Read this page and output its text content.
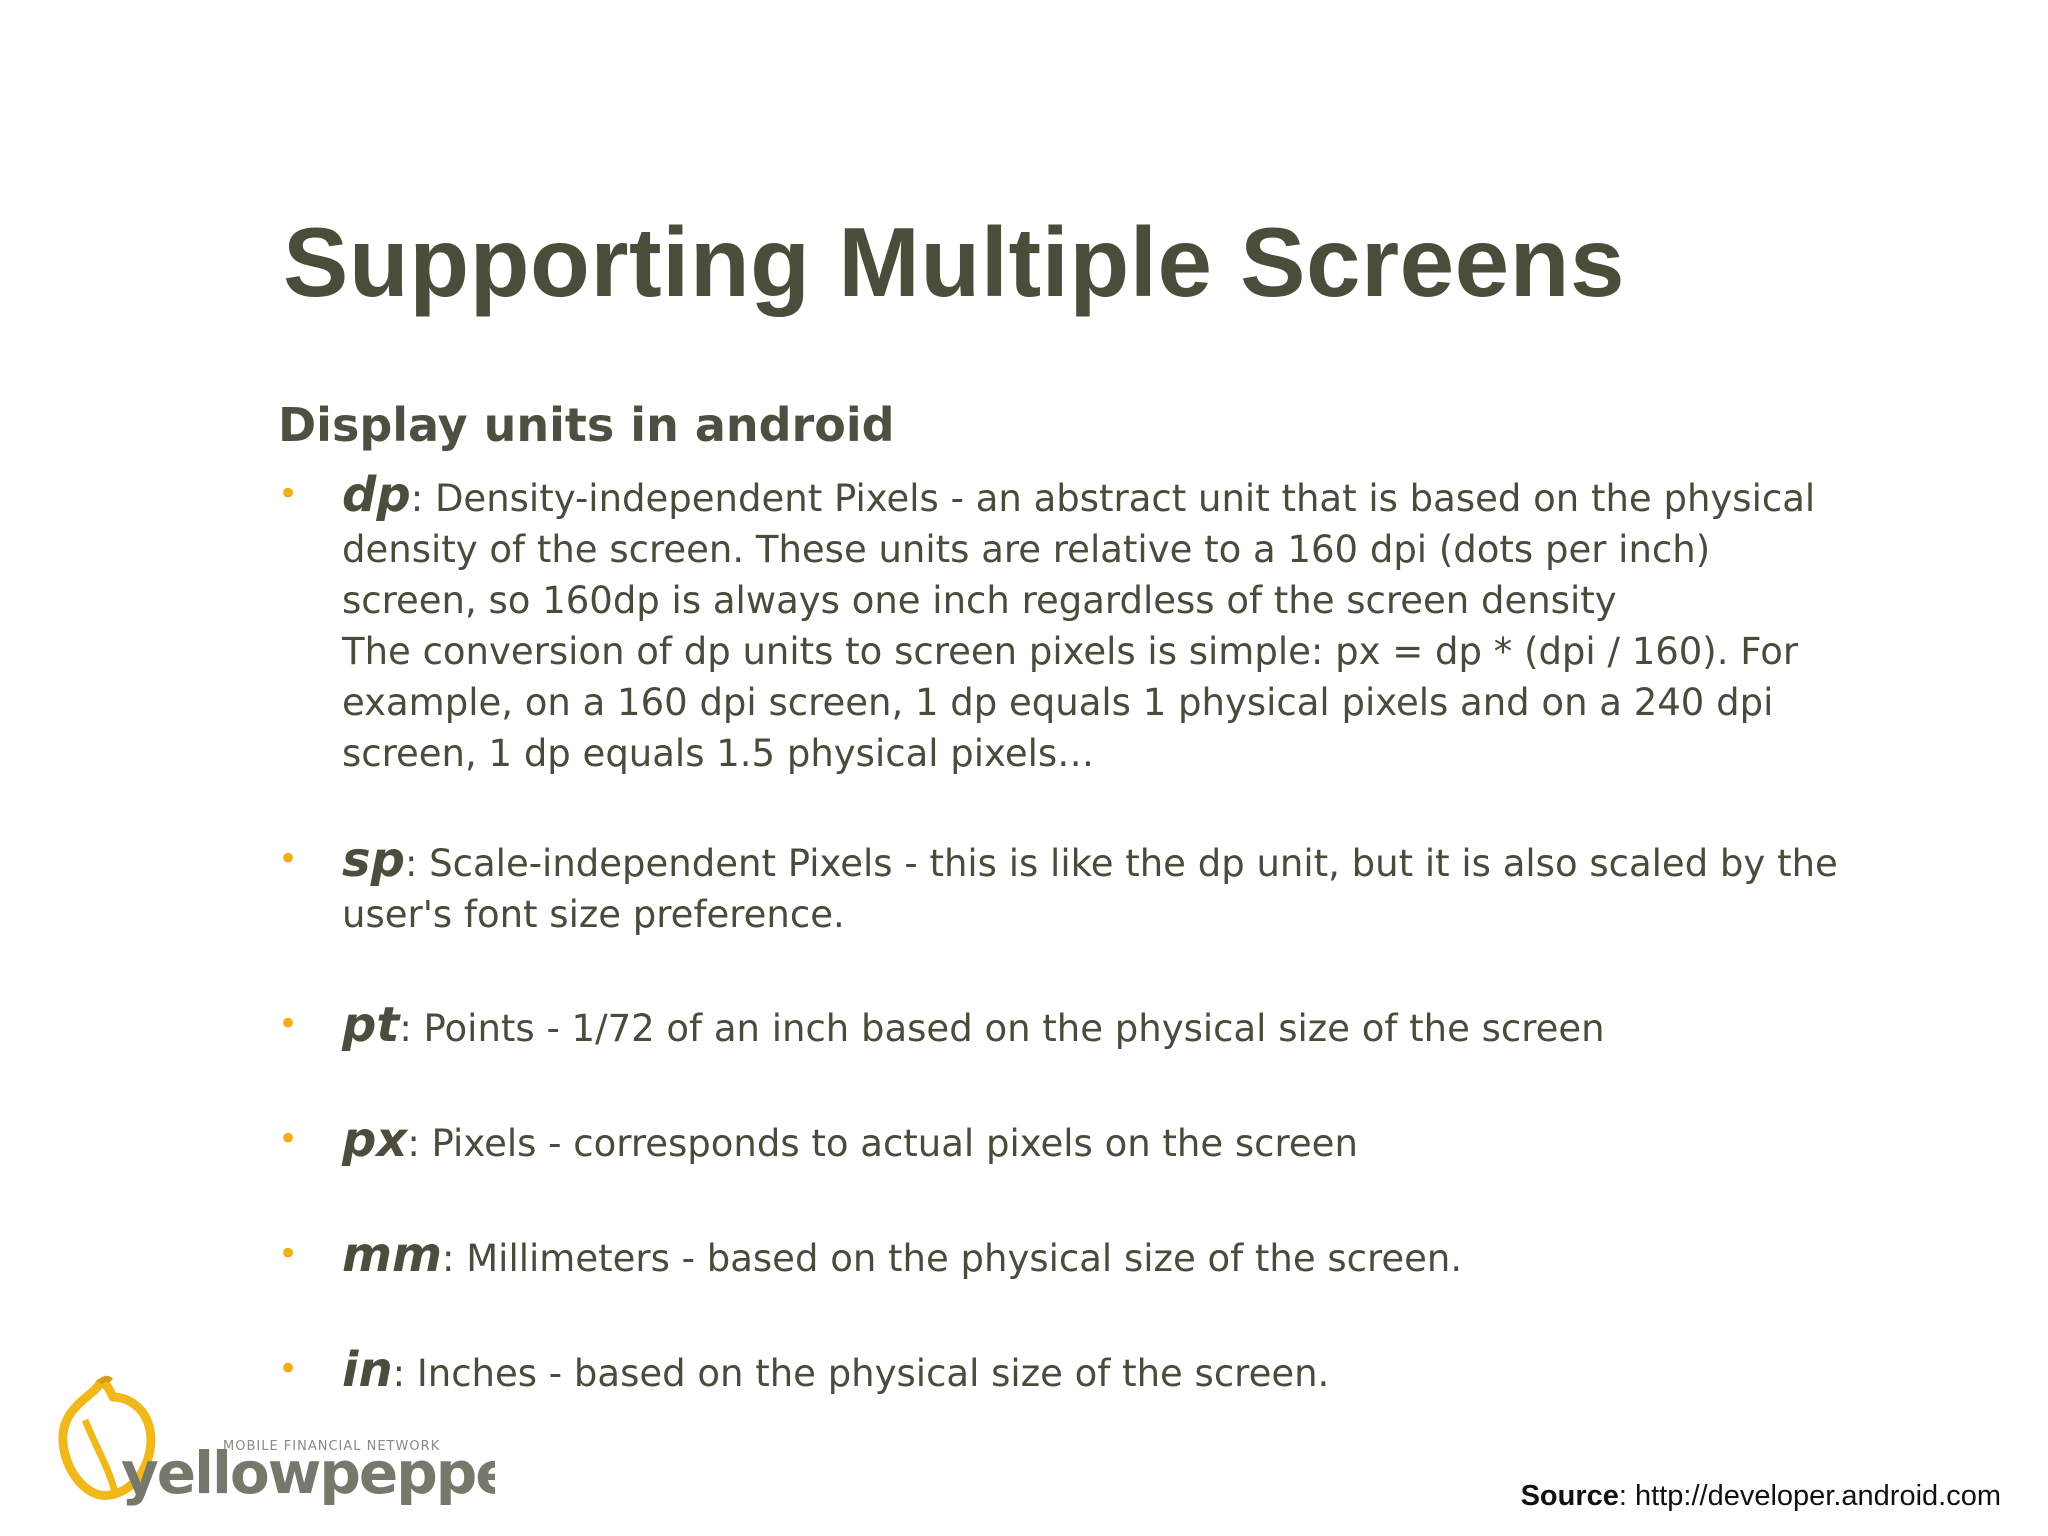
Supporting Multiple Screens
Display units in android
• dp: Density-independent Pixels - an abstract unit that is based on the physical
density of the screen. These units are relative to a 160 dpi (dots per inch)
screen, so 160dp is always one inch regardless of the screen density
The conversion of dp units to screen pixels is simple: px = dp * (dpi / 160). For
example, on a 160 dpi screen, 1 dp equals 1 physical pixels and on a 240 dpi
screen, 1 dp equals 1.5 physical pixels…
• sp: Scale-independent Pixels - this is like the dp unit, but it is also scaled by the
user's font size preference.
• pt: Points - 1/72 of an inch based on the physical size of the screen
• px: Pixels - corresponds to actual pixels on the screen
• mm: Millimeters - based on the physical size of the screen.
• in: Inches - based on the physical size of the screen.
yellowpeppe
MOBILE FINANCIAL NETWORK
Source: http://developer.android.com
